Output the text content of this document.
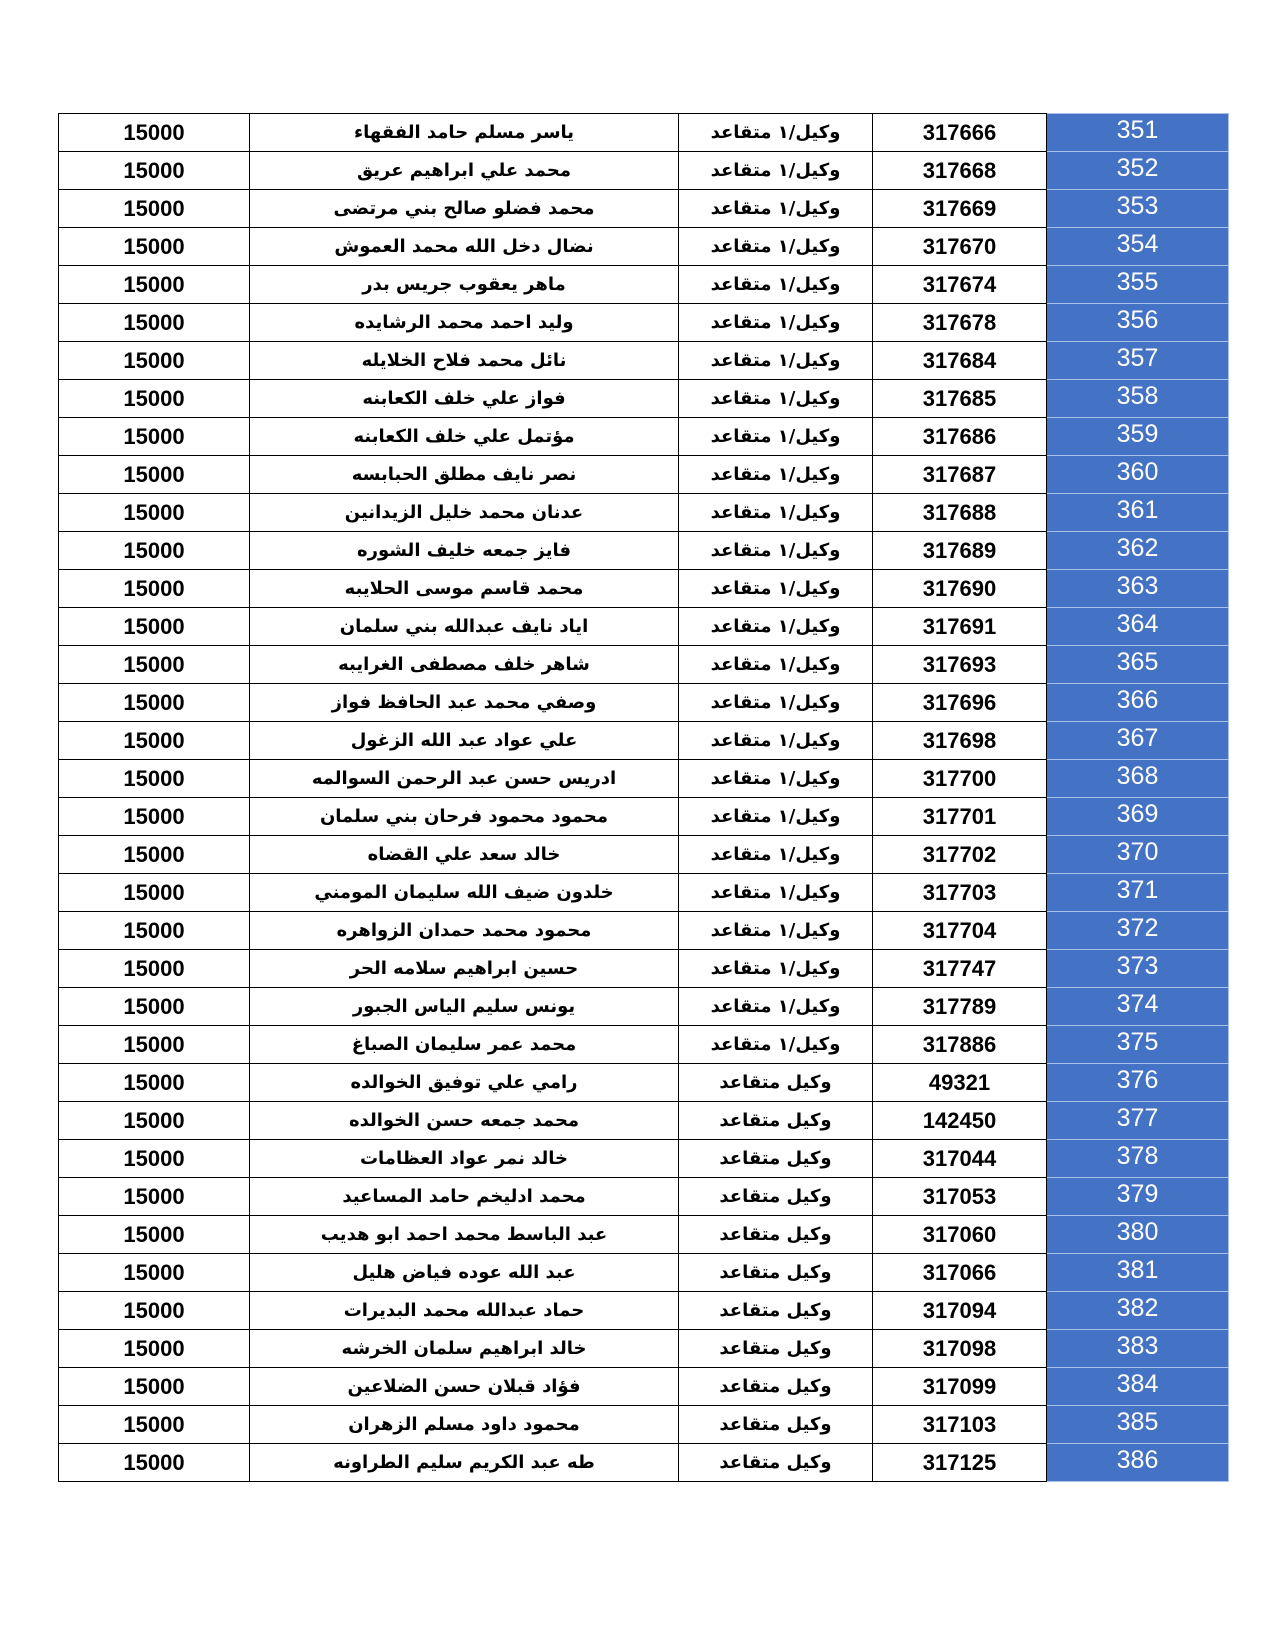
15000	ياسر مسلم حامد الفقهاء	وكيل/١ متقاعد	317666	351
15000	محمد علي ابراهيم عريق	وكيل/١ متقاعد	317668	352
15000	محمد فضلو صالح بني مرتضى	وكيل/١ متقاعد	317669	353
15000	نضال دخل الله محمد العموش	وكيل/١ متقاعد	317670	354
15000	ماهر يعقوب جريس بدر	وكيل/١ متقاعد	317674	355
15000	وليد احمد محمد الرشايده	وكيل/١ متقاعد	317678	356
15000	نائل محمد فلاح الخلايله	وكيل/١ متقاعد	317684	357
15000	فواز علي خلف الكعابنه	وكيل/١ متقاعد	317685	358
15000	مؤتمل علي خلف الكعابنه	وكيل/١ متقاعد	317686	359
15000	نصر نايف مطلق الحبابسه	وكيل/١ متقاعد	317687	360
15000	عدنان محمد خليل الزيدانين	وكيل/١ متقاعد	317688	361
15000	فايز جمعه خليف الشوره	وكيل/١ متقاعد	317689	362
15000	محمد قاسم موسى الحلايبه	وكيل/١ متقاعد	317690	363
15000	اياد نايف عبدالله بني سلمان	وكيل/١ متقاعد	317691	364
15000	شاهر خلف مصطفى الغرايبه	وكيل/١ متقاعد	317693	365
15000	وصفي محمد عبد الحافظ فواز	وكيل/١ متقاعد	317696	366
15000	علي عواد عبد الله الزغول	وكيل/١ متقاعد	317698	367
15000	ادريس حسن عبد الرحمن السوالمه	وكيل/١ متقاعد	317700	368
15000	محمود محمود فرحان بني سلمان	وكيل/١ متقاعد	317701	369
15000	خالد سعد علي القضاه	وكيل/١ متقاعد	317702	370
15000	خلدون ضيف الله سليمان المومني	وكيل/١ متقاعد	317703	371
15000	محمود محمد حمدان الزواهره	وكيل/١ متقاعد	317704	372
15000	حسين ابراهيم سلامه الحر	وكيل/١ متقاعد	317747	373
15000	يونس سليم الياس الجبور	وكيل/١ متقاعد	317789	374
15000	محمد عمر سليمان الصباغ	وكيل/١ متقاعد	317886	375
15000	رامي علي توفيق الخوالده	وكيل متقاعد	49321	376
15000	محمد جمعه حسن الخوالده	وكيل متقاعد	142450	377
15000	خالد نمر عواد العظامات	وكيل متقاعد	317044	378
15000	محمد ادليخم حامد المساعيد	وكيل متقاعد	317053	379
15000	عبد الباسط محمد احمد ابو هديب	وكيل متقاعد	317060	380
15000	عبد الله عوده فياض هليل	وكيل متقاعد	317066	381
15000	حماد عبدالله محمد البديرات	وكيل متقاعد	317094	382
15000	خالد ابراهيم سلمان الخرشه	وكيل متقاعد	317098	383
15000	فؤاد قبلان حسن الضلاعين	وكيل متقاعد	317099	384
15000	محمود داود مسلم الزهران	وكيل متقاعد	317103	385
15000	طه عبد الكريم سليم الطراونه	وكيل متقاعد	317125	386
